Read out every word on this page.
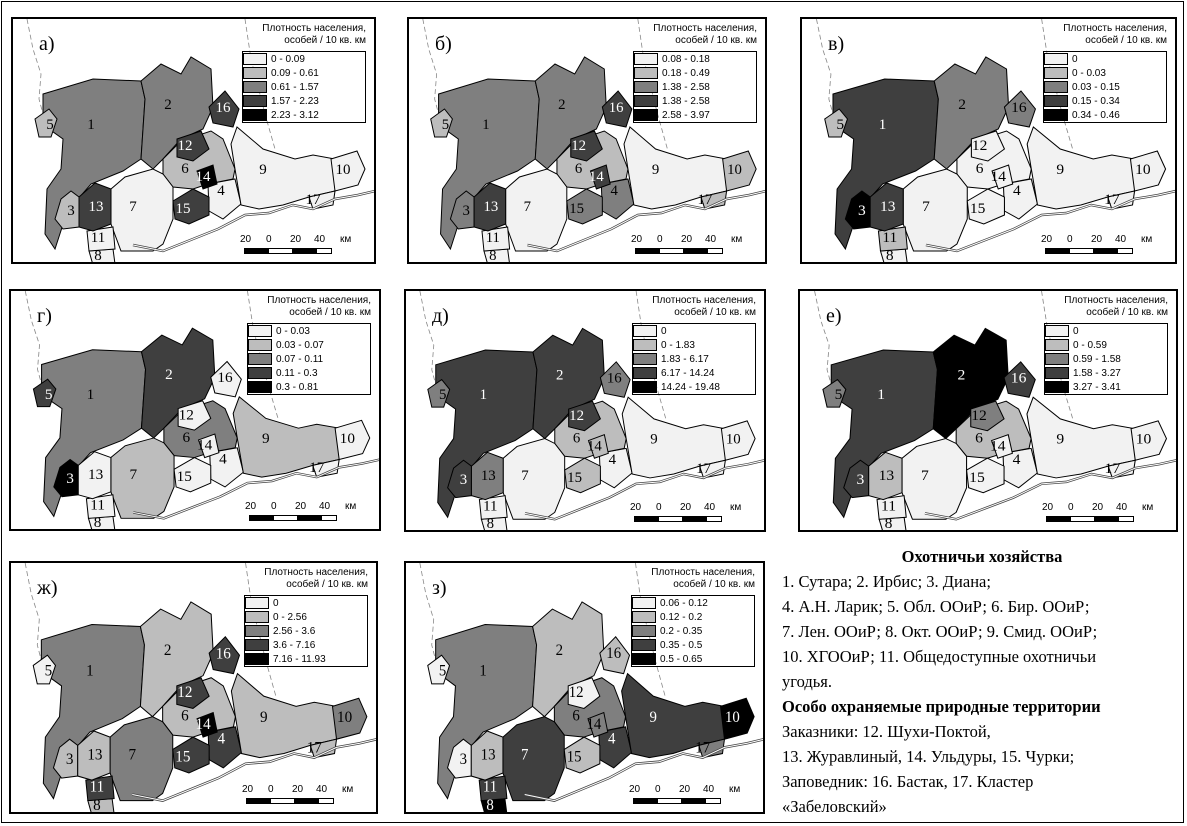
1
2
3
4
5
6
7
8
9	10
11
12
13
14
15
16
17
а)
Плотность населения,
особей / 10 кв. км
0 - 0.09
0.09 - 0.61
0.61 - 1.57
1.57 - 2.23
2.23 - 3.12
20 0 20 40 км
1
2
3
4
5
6
7
8
9	10
11
12
13
14
15
16
17
б)
Плотность населения,
особей / 10 кв. км
0.08 - 0.18
0.18 - 0.49
1.38 - 2.58
1.38 - 2.58
2.58 - 3.97
20 0 20 40 км
1
2
3
4
5
6
7
8
9	10
11
12
13
14
15
16
17
в)
Плотность населения,
особей / 10 кв. км
0
0 - 0.03
0.03 - 0.15
0.15 - 0.34
0.34 - 0.46
20 0 20 40 км
1
2
3
4
5
6
7
8
9	10
11
12
13
14
15
16
17
г)
Плотность населения,
особей / 10 кв. км
0 - 0.03
0.03 - 0.07
0.07 - 0.11
0.11 - 0.3
0.3 - 0.81
20 0 20 40 км
1
2
3
4
5
6
7
8
9	10
11
12
13
14
15
16
17
д)
Плотность населения,
особей / 10 кв. км
0
0 - 1.83
1.83 - 6.17
6.17 - 14.24
14.24 - 19.48
20 0 20 40 км
1
2
3
4
5
6
7
8
9	10
11
12
13
14
15
16
17
е)
Плотность населения,
особей / 10 кв. км
0
0 - 0.59
0.59 - 1.58
1.58 - 3.27
3.27 - 3.41
20 0 20 40 км
1
2
3
4
5
6
7
8
9	10
11
12
13
14
15
16
17
ж)
Плотность населения,
особей / 10 кв. км
0
0 - 2.56
2.56 - 3.6
3.6 - 7.16
7.16 - 11.93
20 0 20 40 км
1
2
3
4
5
6
7
8
9	10
11
12
13
14
15
16
17
з)
Плотность населения,
особей / 10 кв. км
0.06 - 0.12
0.12 - 0.2
0.2 - 0.35
0.35 - 0.5
0.5 - 0.65
20 0 20 40 км
Охотничьи хозяйства
1. Сутара; 2. Ирбис; 3. Диана;
4. А.Н. Ларик; 5. Обл. ООиР; 6. Бир. ООиР;
7. Лен. ООиР; 8. Окт. ООиР; 9. Смид. ООиР;
10. ХГООиР; 11. Общедоступные охотничьи
угодья.
Особо охраняемые природные территории
Заказники: 12. Шухи-Поктой,
13. Журавлиный, 14. Ульдуры, 15. Чурки;
Заповедник: 16. Бастак, 17. Кластер
«Забеловский»
